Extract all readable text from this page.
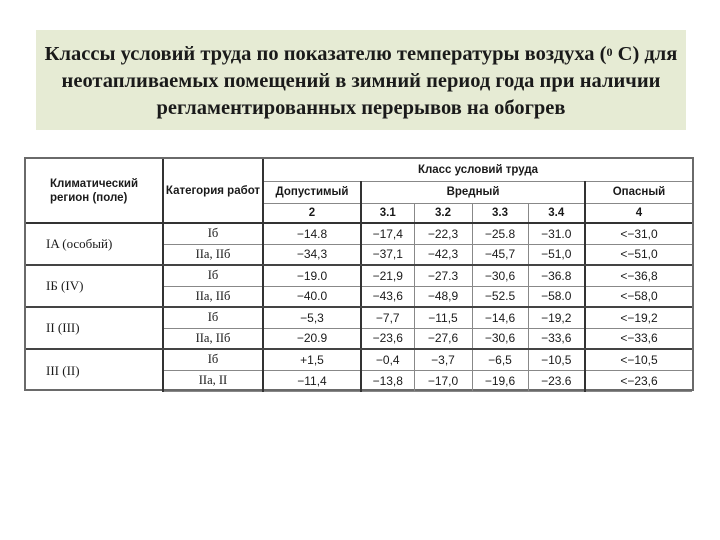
Классы условий труда по показателю температуры воздуха ($^0$ С) для неотапливаемых помещений в зимний период года при наличии регламентированных перерывов на обогрев
Климатический регион (поле)	Категория работ	Класс условий труда					
		Допустимый	Вредный				Опасный
		2	3.1	3.2	3.3	3.4	4
IA (особый)	Iб	−14.8	−17,4	−22,3	−25.8	−31.0	<−31,0
	IIа, IIб	−34,3	−37,1	−42,3	−45,7	−51,0	<−51,0
IБ (IV)	Iб	−19.0	−21,9	−27.3	−30,6	−36.8	<−36,8
	IIа, IIб	−40.0	−43,6	−48,9	−52.5	−58.0	<−58,0
II (III)	Iб	−5,3	−7,7	−11,5	−14,6	−19,2	<−19,2
	IIа, IIб	−20.9	−23,6	−27,6	−30,6	−33,6	<−33,6
III (II)	Iб	+1,5	−0,4	−3,7	−6,5	−10,5	<−10,5
	IIа, II	−11,4	−13,8	−17,0	−19,6	−23.6	<−23,6
